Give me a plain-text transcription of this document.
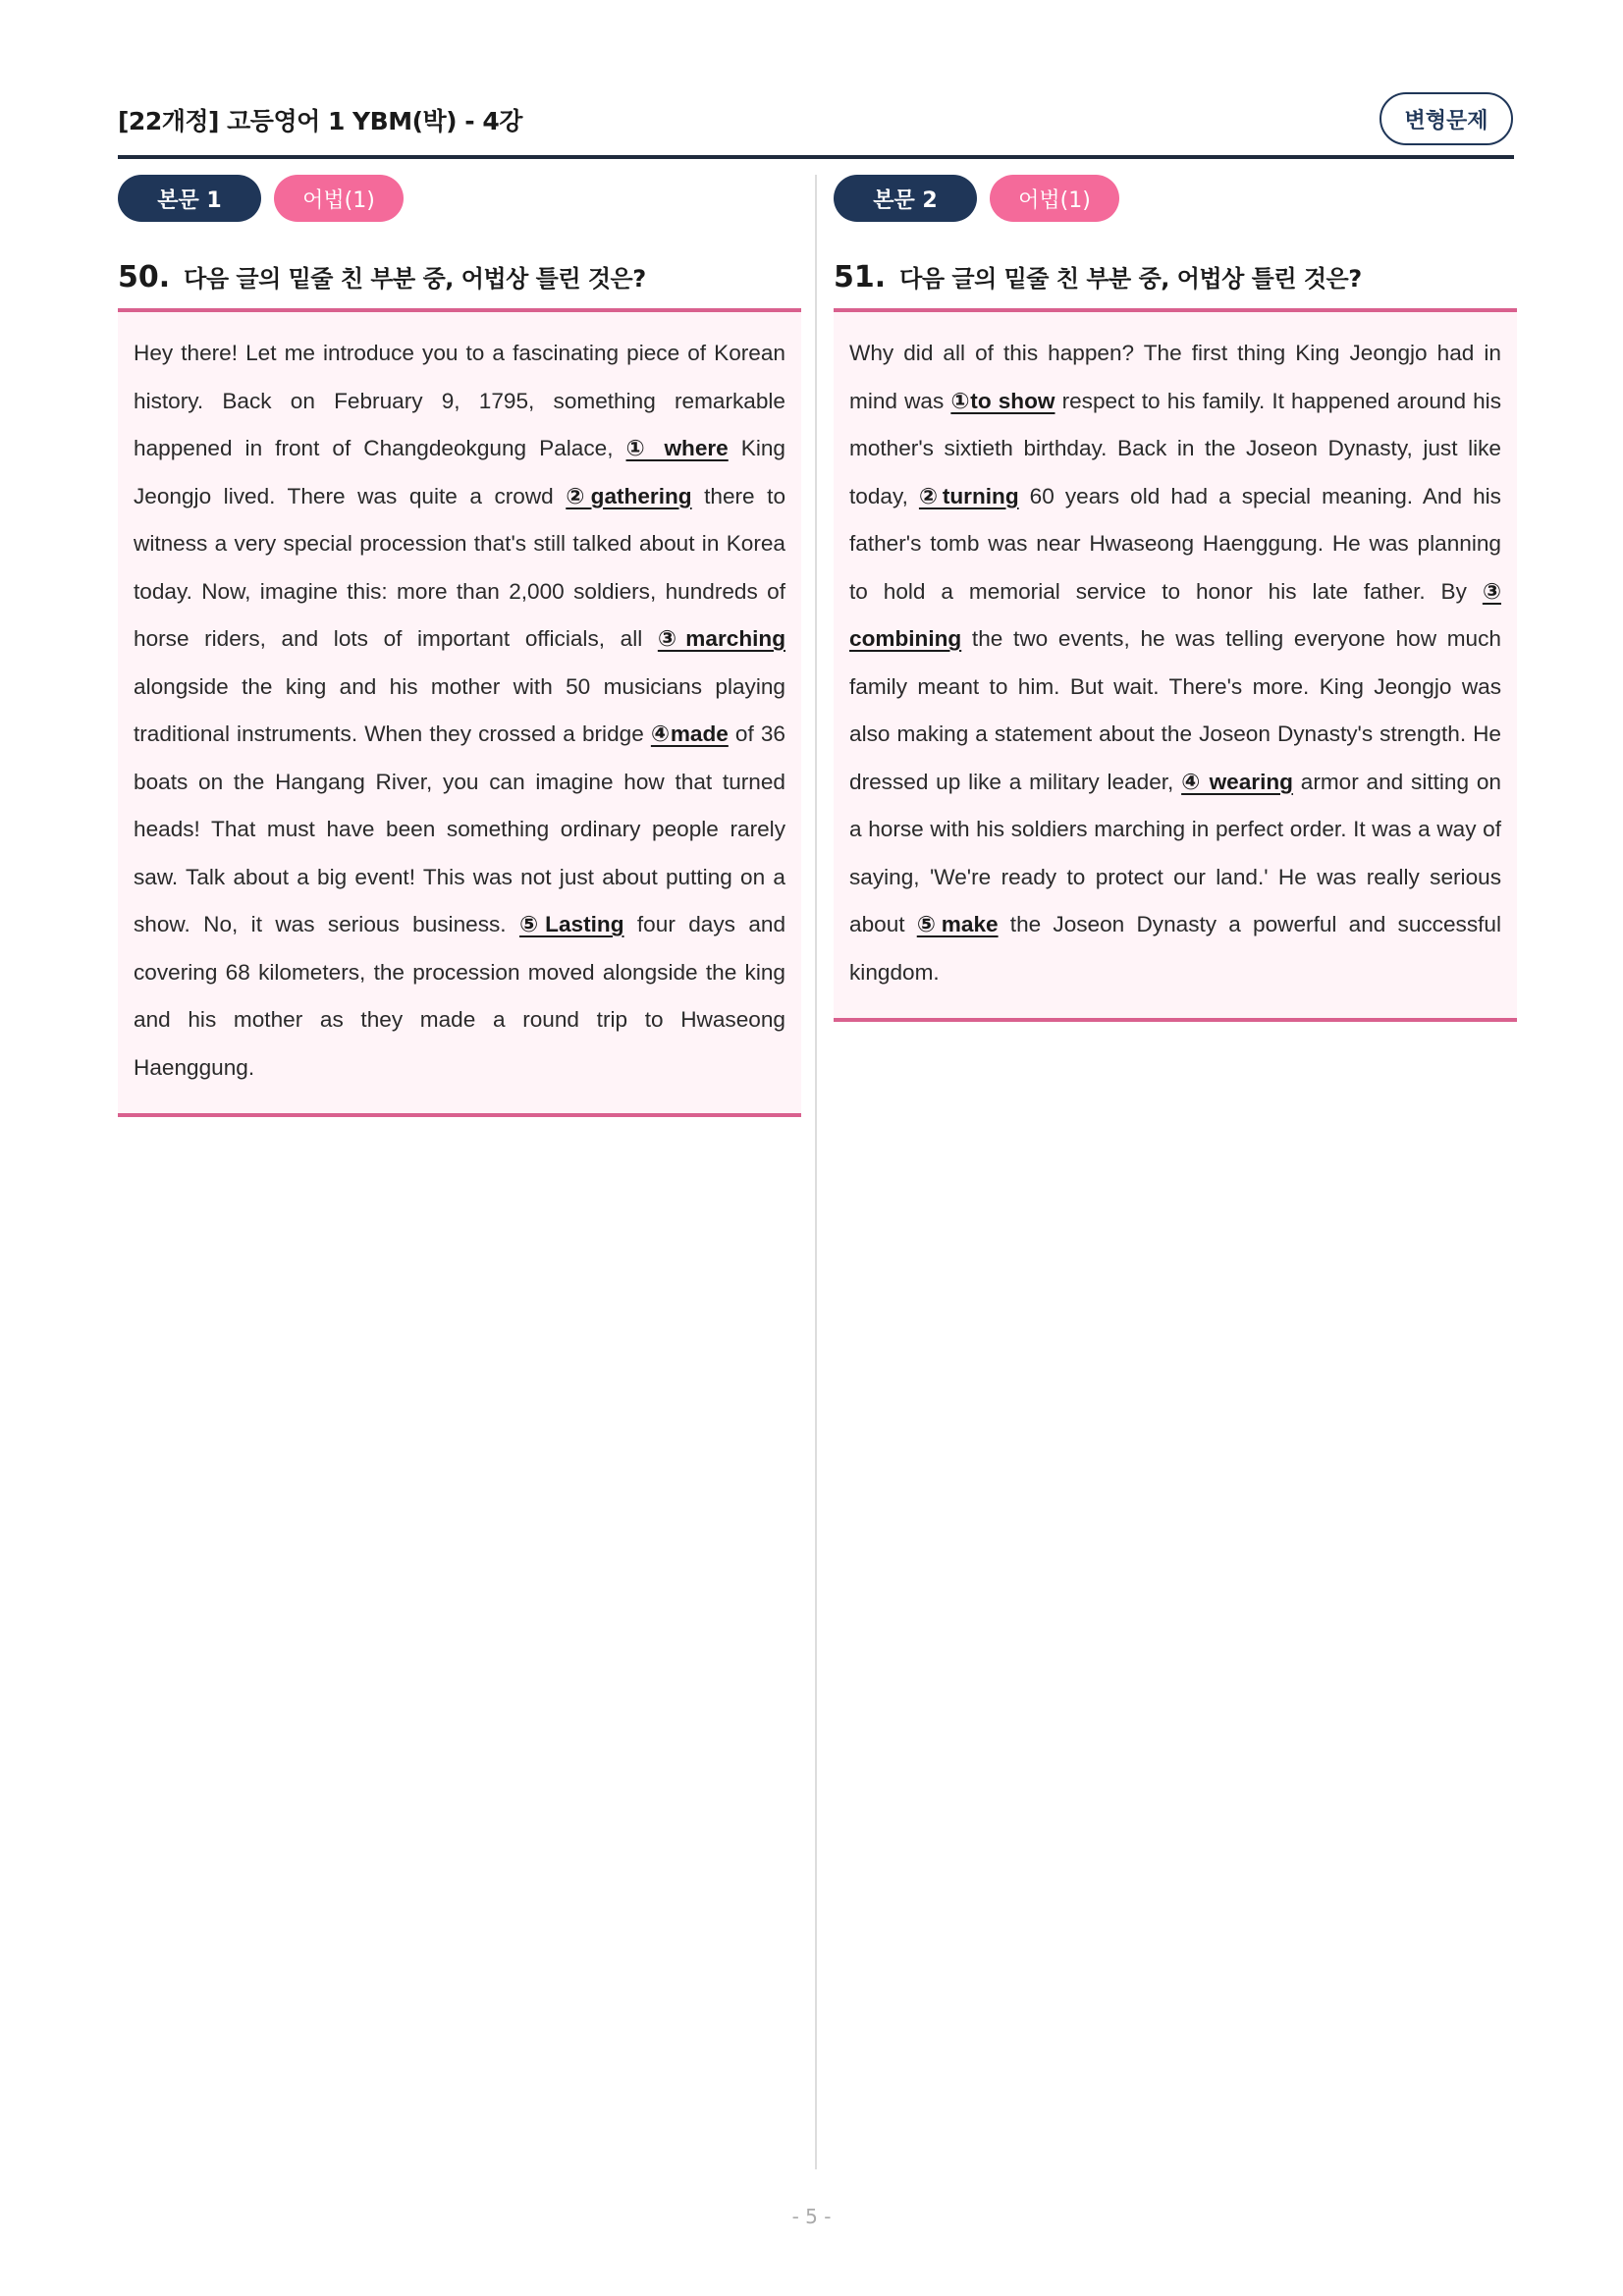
[22개정] 고등영어 1 YBM(박) - 4강	변형문제
본문 1	어법(1)
50. 다음 글의 밑줄 친 부분 중, 어법상 틀린 것은?

Hey there! Let me introduce you to a fascinating piece of Korean history. Back on February 9, 1795, something remarkable happened in front of Changdeokgung Palace, ① where King Jeongjo lived. There was quite a crowd ②gathering there to witness a very special procession that's still talked about in Korea today. Now, imagine this: more than 2,000 soldiers, hundreds of horse riders, and lots of important officials, all ③marching alongside the king and his mother with 50 musicians playing traditional instruments. When they crossed a bridge ④made of 36 boats on the Hangang River, you can imagine how that turned heads! That must have been something ordinary people rarely saw. Talk about a big event! This was not just about putting on a show. No, it was serious business. ⑤Lasting four days and covering 68 kilometers, the procession moved alongside the king and his mother as they made a round trip to Hwaseong Haenggung.

본문 2	어법(1)
51. 다음 글의 밑줄 친 부분 중, 어법상 틀린 것은?

Why did all of this happen? The first thing King Jeongjo had in mind was ①to show respect to his family. It happened around his mother's sixtieth birthday. Back in the Joseon Dynasty, just like today, ②turning 60 years old had a special meaning. And his father's tomb was near Hwaseong Haenggung. He was planning to hold a memorial service to honor his late father. By ③ combining the two events, he was telling everyone how much family meant to him. But wait. There's more. King Jeongjo was also making a statement about the Joseon Dynasty's strength. He dressed up like a military leader, ④ wearing armor and sitting on a horse with his soldiers marching in perfect order. It was a way of saying, 'We're ready to protect our land.' He was really serious about ⑤make the Joseon Dynasty a powerful and successful kingdom.

- 5 -
